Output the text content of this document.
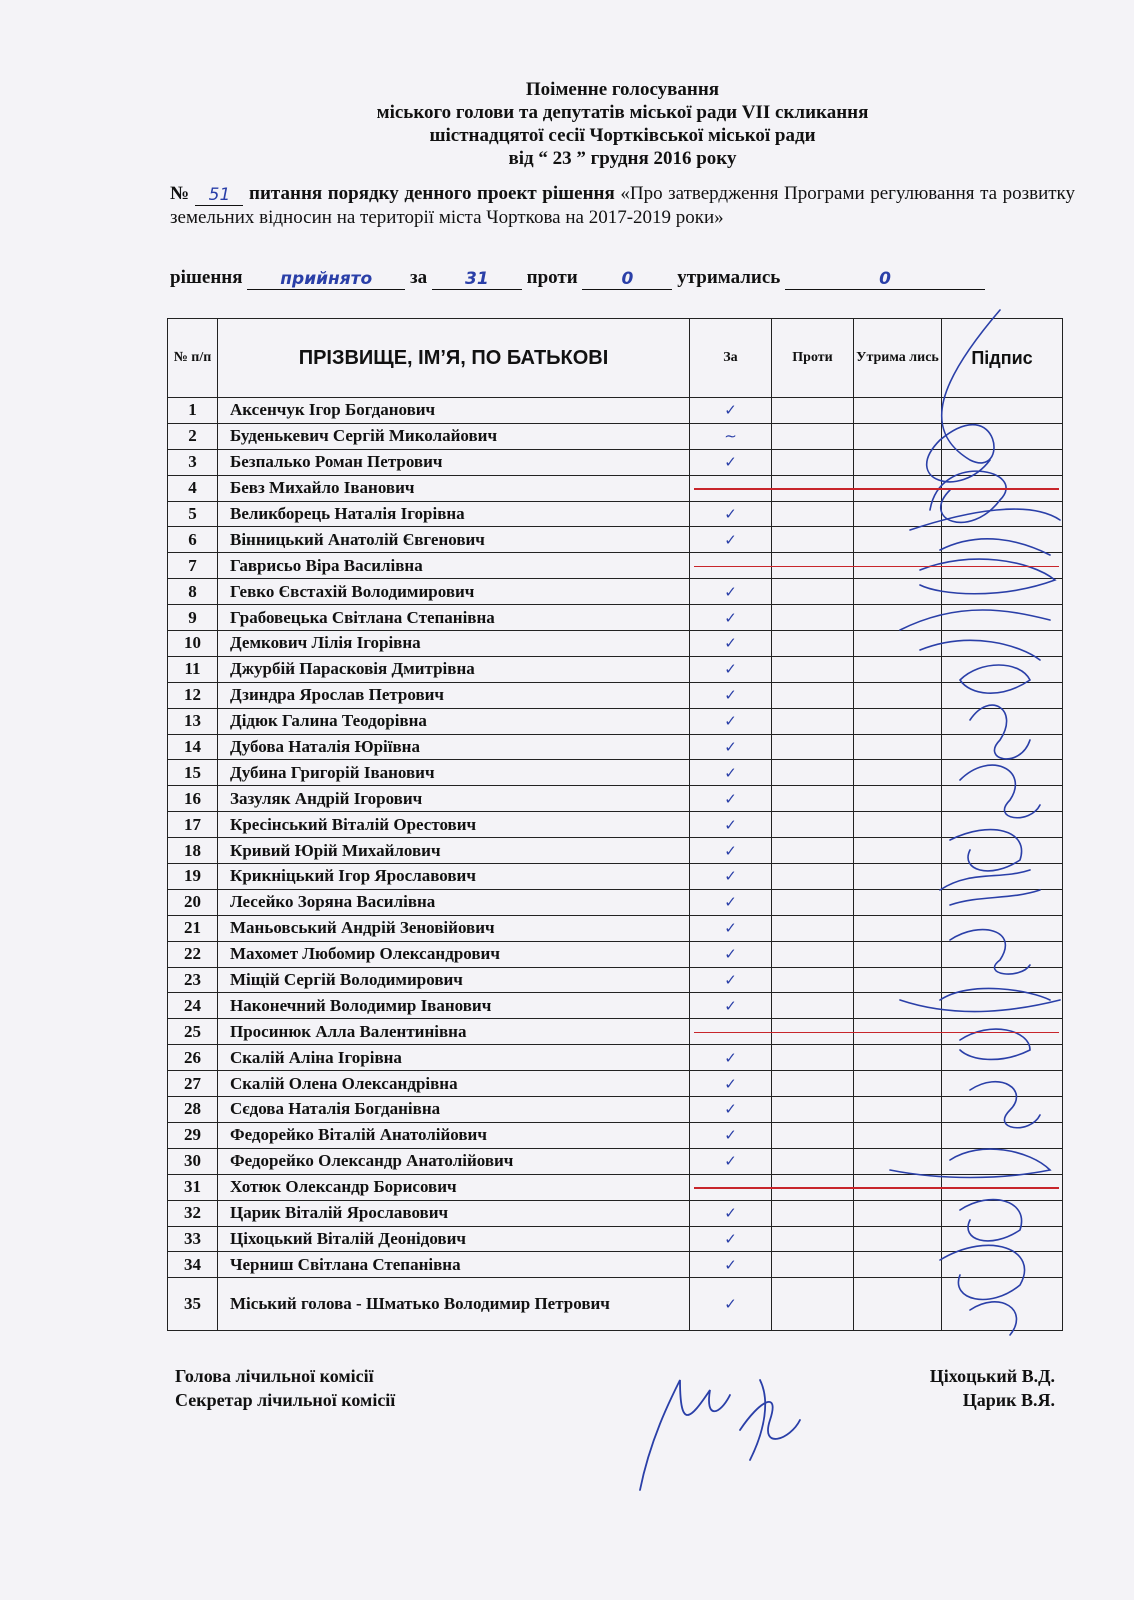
Поіменне голосування
міського голови та депутатів міської ради VII скликання
шістнадцятої сесії Чортківської міської ради
від “ 23 ” грудня 2016 року
№ 51 питання порядку денного проект рішення «Про затвердження Програми регулювання та розвитку земельних відносин на території міста Чорткова на 2017-2019 роки»
рішення прийнято за 31 проти	0 утримались	0
№ п/п	ПРІЗВИЩЕ, ІМ’Я, ПО БАТЬКОВІ	За	Проти	Утрима лись	Підпис
1	Аксенчук Ігор Богданович	✓			
2	Буденькевич Сергій Миколайович	∼			
3	Безпалько Роман Петрович	✓			
4	Бевз Михайло Іванович				
5	Великборець Наталія Ігорівна	✓			
6	Вінницький Анатолій Євгенович	✓			
7	Гаврисьо Віра Василівна				
8	Гевко Євстахій Володимирович	✓			
9	Грабовецька Світлана Степанівна	✓			
10	Демкович Лілія Ігорівна	✓			
11	Джурбій Парасковія Дмитрівна	✓			
12	Дзиндра Ярослав Петрович	✓			
13	Дідюк Галина Теодорівна	✓			
14	Дубова Наталія Юріївна	✓			
15	Дубина Григорій Іванович	✓			
16	Зазуляк Андрій Ігорович	✓			
17	Кресінський Віталій Орестович	✓			
18	Кривий Юрій Михайлович	✓			
19	Крикніцький Ігор Ярославович	✓			
20	Лесейко Зоряна Василівна	✓			
21	Маньовський Андрій Зеновійович	✓			
22	Махомет Любомир Олександрович	✓			
23	Міщій Сергій Володимирович	✓			
24	Наконечний Володимир Іванович	✓			
25	Просинюк Алла Валентинівна				
26	Скалій Аліна Ігорівна	✓			
27	Скалій Олена Олександрівна	✓			
28	Сєдова Наталія Богданівна	✓			
29	Федорейко Віталій Анатолійович	✓			
30	Федорейко Олександр Анатолійович	✓			
31	Хотюк Олександр Борисович				
32	Царик Віталій Ярославович	✓			
33	Ціхоцький Віталій Деонідович	✓			
34	Черниш Світлана Степанівна	✓			
35	Міський голова - Шматько Володимир Петрович	✓			
Голова лічильної комісії	Ціхоцький В.Д.
Секретар лічильної комісії	Царик В.Я.
